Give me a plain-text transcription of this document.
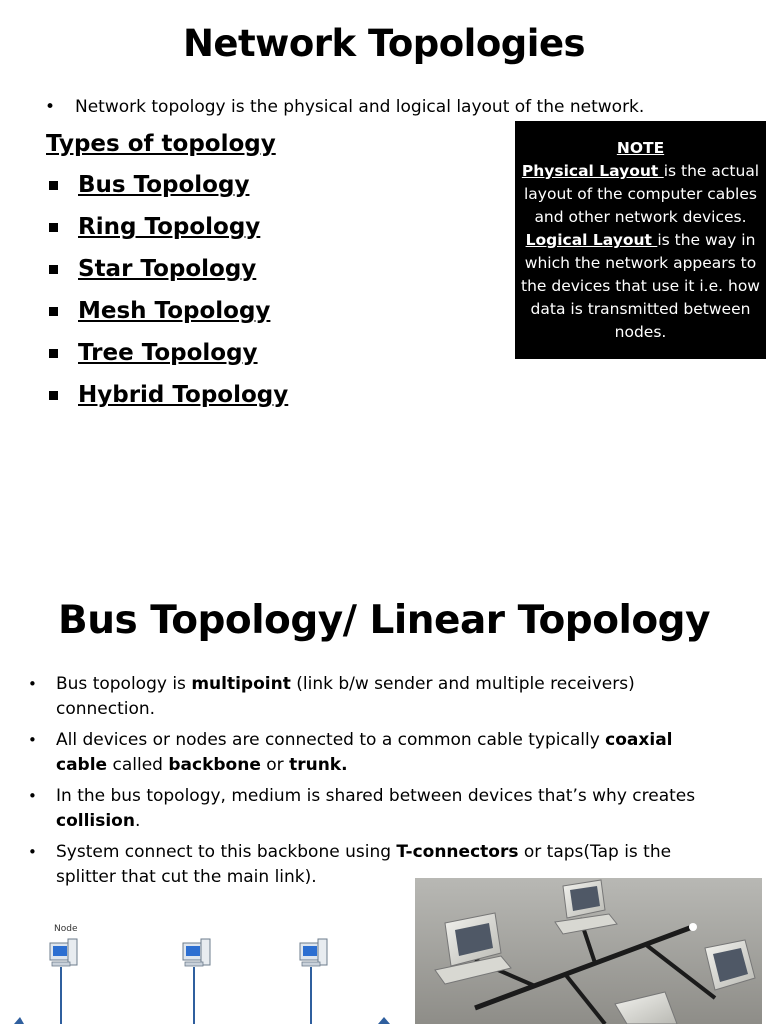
Network Topologies
• Network topology is the physical and logical layout of the network.
Types of topology
Bus Topology
Ring Topology
Star Topology
Mesh Topology
Tree Topology
Hybrid Topology
NOTE
Physical Layout is the actual layout of the computer cables and other network devices.
Logical Layout is the way in which the network appears to the devices that use it i.e. how data is transmitted between nodes.
Bus Topology/ Linear Topology
• Bus topology is multipoint (link b/w sender and multiple receivers) connection.
• All devices or nodes are connected to a common cable typically coaxial cable called backbone or trunk.
• In the bus topology, medium is shared between devices that’s why creates collision.
• System connect to this backbone using T-connectors or taps(Tap is the splitter that cut the main link).
Node
